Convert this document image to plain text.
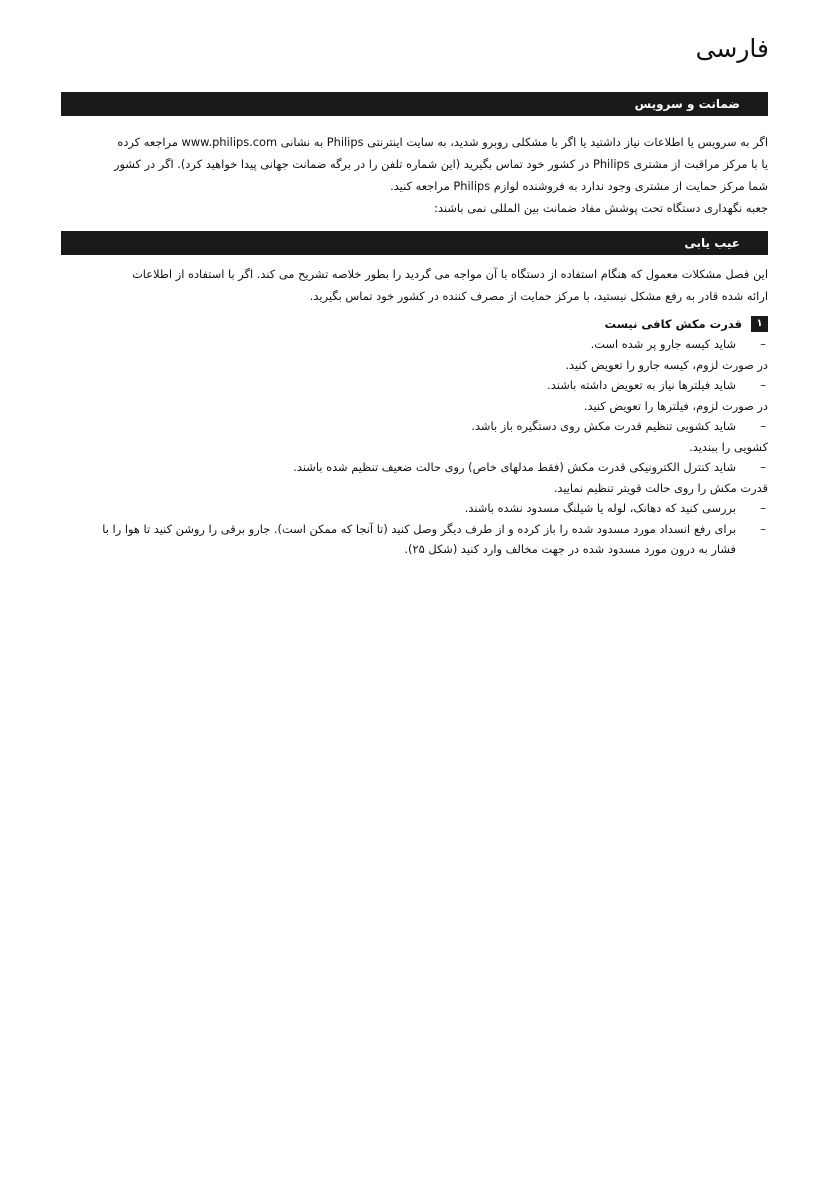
فارسی
ضمانت و سرویس
اگر به سرویس یا اطلاعات نیاز داشتید یا اگر با مشکلی روبرو شدید، به سایت اینترنتی Philips به نشانی www.philips.com مراجعه کرده
یا با مرکز مراقبت از مشتری Philips در کشور خود تماس بگیرید (این شماره تلفن را در برگه ضمانت جهانی پیدا خواهید کرد). اگر در کشور
شما مرکز حمایت از مشتری وجود ندارد به فروشنده لوازم Philips مراجعه کنید.
جعبه نگهداری دستگاه تحت پوشش مفاد ضمانت بین المللی نمی باشند:
عیب یابی
این فصل مشکلات معمول که هنگام استفاده از دستگاه با آن مواجه می گردید را بطور خلاصه تشریح می کند. اگر با استفاده از اطلاعات
ارائه شده قادر به رفع مشکل نیستید، با مرکز حمایت از مصرف کننده در کشور خود تماس بگیرید.
۱
قدرت مکش کافی نیست
–
شاید کیسه جارو پر شده است.
در صورت لزوم، کیسه جارو را تعویض کنید.
–
شاید فیلترها نیاز به تعویض داشته باشند.
در صورت لزوم، فیلترها را تعویض کنید.
–
شاید کشویی تنظیم قدرت مکش روی دستگیره باز باشد.
کشویی را ببندید.
–
شاید کنترل الکترونیکی قدرت مکش (فقط مدلهای خاص) روی حالت ضعیف تنظیم شده باشند.
قدرت مکش را روی حالت قویتر تنظیم نمایید.
–
بررسی کنید که دهانک، لوله یا شیلنگ مسدود نشده باشند.
–
برای رفع انسداد مورد مسدود شده را باز کرده و از طرف دیگر وصل کنید (تا آنجا که ممکن است). جارو برقی را روشن کنید تا هوا را با
فشار به درون مورد مسدود شده در جهت مخالف وارد کنید (شکل ۲۵).
